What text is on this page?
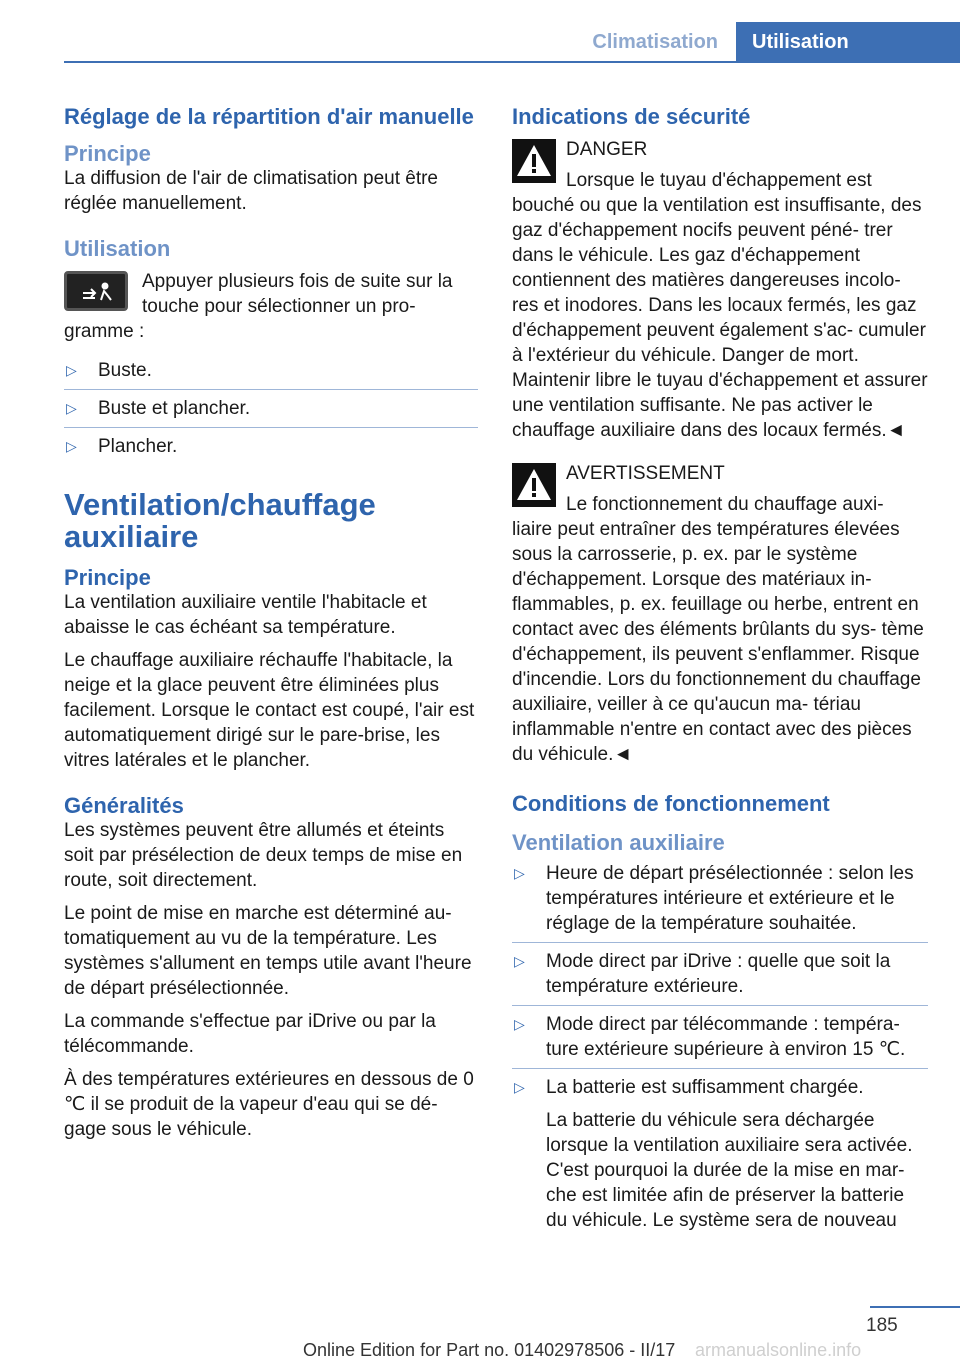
Climatisation	Utilisation
Réglage de la répartition d'air manuelle
Principe

La diffusion de l'air de climatisation peut être réglée manuellement.

Utilisation
Appuyer plusieurs fois de suite sur la touche pour sélectionner un pro‐ gramme :
▷ Buste.
▷ Buste et plancher.
▷ Plancher.
Ventilation/chauffage auxiliaire
Principe

La ventilation auxiliaire ventile l'habitacle et abaisse le cas échéant sa température.

Le chauffage auxiliaire réchauffe l'habitacle, la neige et la glace peuvent être éliminées plus facilement. Lorsque le contact est coupé, l'air est automatiquement dirigé sur le pare-brise, les vitres latérales et le plancher.

Généralités

Les systèmes peuvent être allumés et éteints soit par présélection de deux temps de mise en route, soit directement.

Le point de mise en marche est déterminé au‐ tomatiquement au vu de la température. Les systèmes s'allument en temps utile avant l'heure de départ présélectionnée.

La commande s'effectue par iDrive ou par la télécommande.

À des températures extérieures en dessous de 0 ℃ il se produit de la vapeur d'eau qui se dé‐ gage sous le véhicule.

Indications de sécurité
DANGER

Lorsque le tuyau d'échappement est bouché ou que la ventilation est insuffisante, des gaz d'échappement nocifs peuvent péné‐ trer dans le véhicule. Les gaz d'échappement contiennent des matières dangereuses incolo‐ res et inodores. Dans les locaux fermés, les gaz d'échappement peuvent également s'ac‐ cumuler à l'extérieur du véhicule. Danger de mort. Maintenir libre le tuyau d'échappement et assurer une ventilation suffisante. Ne pas activer le chauffage auxiliaire dans des locaux fermés.◄

AVERTISSEMENT

Le fonctionnement du chauffage auxi‐ liaire peut entraîner des températures élevées sous la carrosserie, p. ex. par le système d'échappement. Lorsque des matériaux in‐ flammables, p. ex. feuillage ou herbe, entrent en contact avec des éléments brûlants du sys‐ tème d'échappement, ils peuvent s'enflammer. Risque d'incendie. Lors du fonctionnement du chauffage auxiliaire, veiller à ce qu'aucun ma‐ tériau inflammable n'entre en contact avec des pièces du véhicule.◄

Conditions de fonctionnement
Ventilation auxiliaire
▷ Heure de départ présélectionnée : selon les températures intérieure et extérieure et le réglage de la température souhaitée.
▷ Mode direct par iDrive : quelle que soit la température extérieure.
▷ Mode direct par télécommande : tempéra‐ ture extérieure supérieure à environ 15 ℃.
▷ La batterie est suffisamment chargée.
La batterie du véhicule sera déchargée lorsque la ventilation auxiliaire sera activée. C'est pourquoi la durée de la mise en mar‐ che est limitée afin de préserver la batterie du véhicule. Le système sera de nouveau
185
Online Edition for Part no. 01402978506 - II/17 armanualsonline.info
